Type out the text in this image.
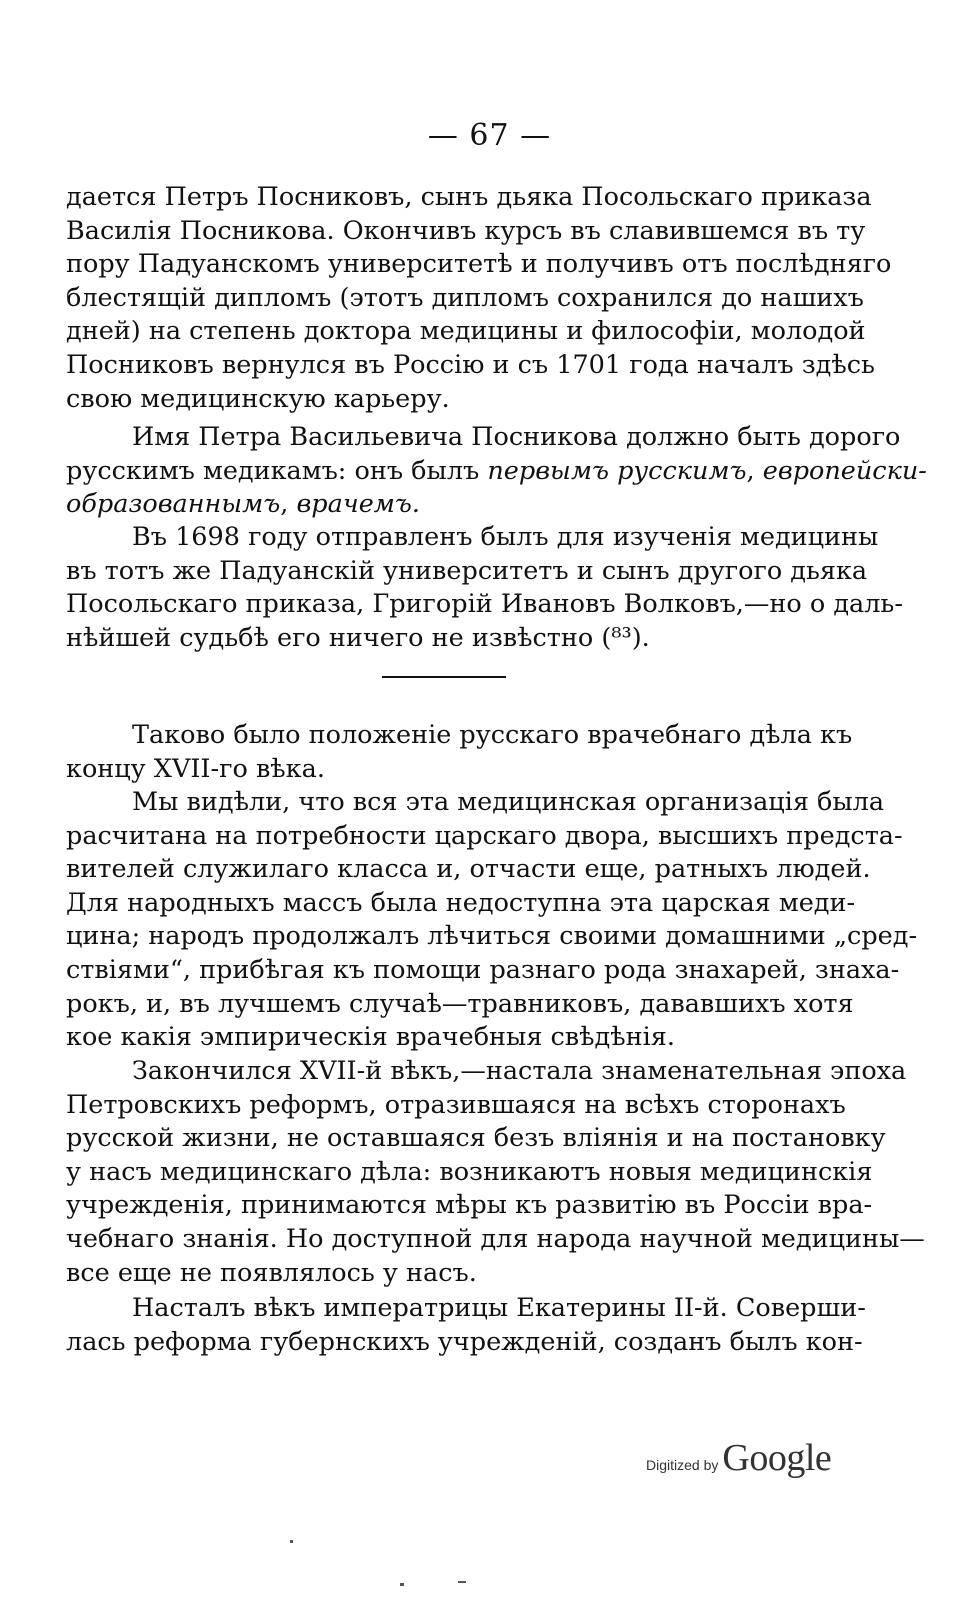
— 67 —
дается Петръ Посниковъ, сынъ дьяка Посольскаго приказа
Василія Посникова. Окончивъ курсъ въ славившемся въ ту
пору Падуанскомъ университетѣ и получивъ отъ послѣдняго
блестящій дипломъ (этотъ дипломъ сохранился до нашихъ
дней) на степень доктора медицины и философіи, молодой
Посниковъ вернулся въ Россію и съ 1701 года началъ здѣсь
свою медицинскую карьеру.
Имя Петра Васильевича Посникова должно быть дорого
русскимъ медикамъ: онъ былъ первымъ русскимъ, европейски-
образованнымъ, врачемъ.
Въ 1698 году отправленъ былъ для изученія медицины
въ тотъ же Падуанскій университетъ и сынъ другого дьяка
Посольскаго приказа, Григорій Ивановъ Волковъ,—но о даль-
нѣйшей судьбѣ его ничего не извѣстно (⁸³).
Таково было положеніе русскаго врачебнаго дѣла къ
концу XVII-го вѣка.
Мы видѣли, что вся эта медицинская организація была
расчитана на потребности царскаго двора, высшихъ предста-
вителей служилаго класса и, отчасти еще, ратныхъ людей.
Для народныхъ массъ была недоступна эта царская меди-
цина; народъ продолжалъ лѣчиться своими домашними „сред-
ствіями“, прибѣгая къ помощи разнаго рода знахарей, знаха-
рокъ, и, въ лучшемъ случаѣ—травниковъ, дававшихъ хотя
кое какія эмпирическія врачебныя свѣдѣнія.
Закончился XVII-й вѣкъ,—настала знаменательная эпоха
Петровскихъ реформъ, отразившаяся на всѣхъ сторонахъ
русской жизни, не оставшаяся безъ вліянія и на постановку
у насъ медицинскаго дѣла: возникаютъ новыя медицинскія
учрежденія, принимаются мѣры къ развитію въ Россіи вра-
чебнаго знанія. Но доступной для народа научной медицины—
все еще не появлялось у насъ.
Насталъ вѣкъ императрицы Екатерины II-й. Соверши-
лась реформа губернскихъ учрежденій, созданъ былъ кон-
Digitized by Google
